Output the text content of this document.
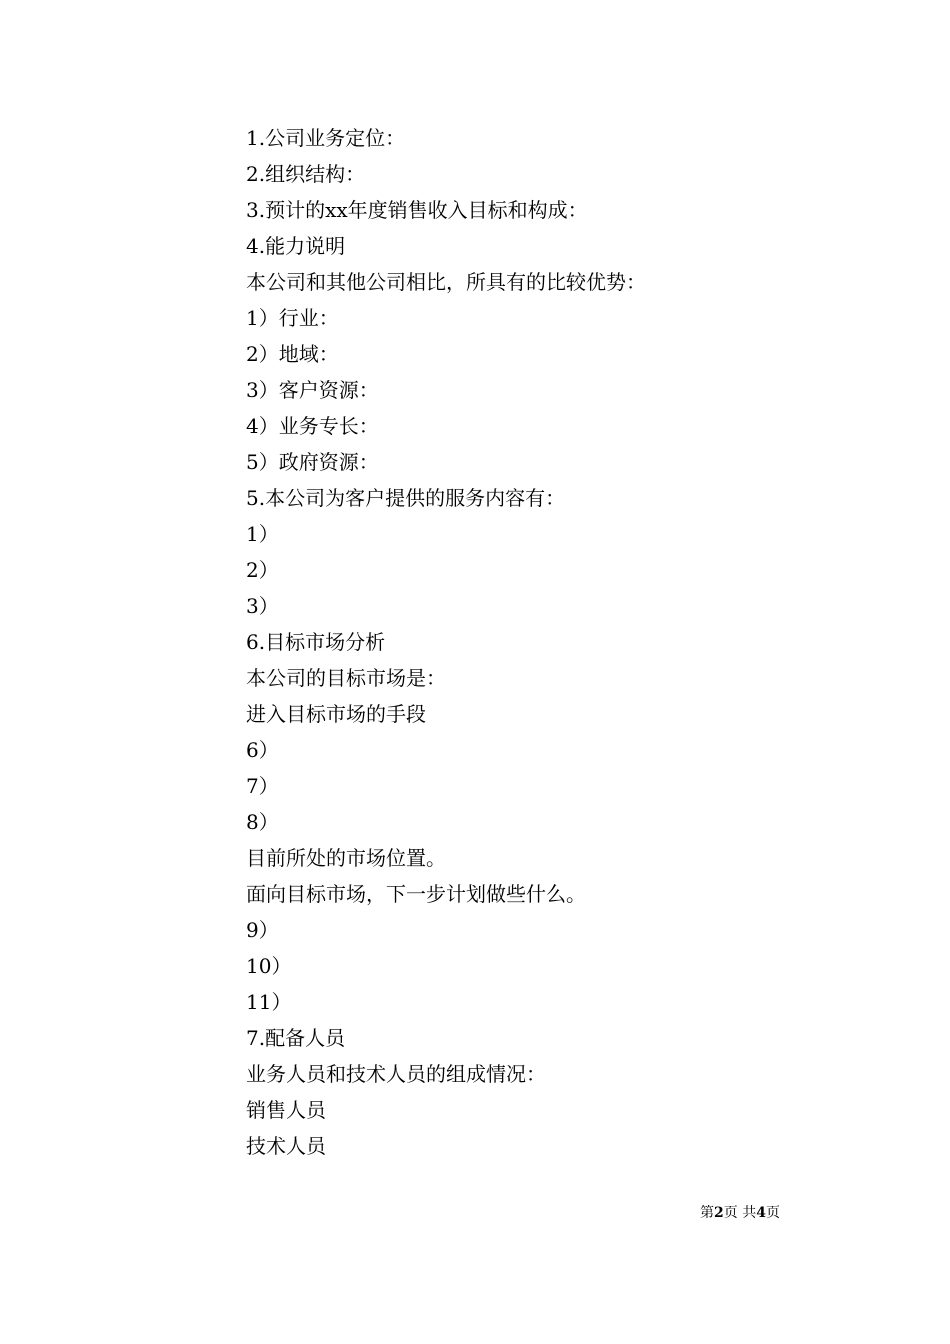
1.公司业务定位：
2.组织结构：
3.预计的xx年度销售收入目标和构成：
4.能力说明
本公司和其他公司相比，所具有的比较优势：
1）行业：
2）地域：
3）客户资源：
4）业务专长：
5）政府资源：
5.本公司为客户提供的服务内容有：
1）
2）
3）
6.目标市场分析
本公司的目标市场是：
进入目标市场的手段
6）
7）
8）
目前所处的市场位置。
面向目标市场，下一步计划做些什么。
9）
10）
11）
7.配备人员
业务人员和技术人员的组成情况：
销售人员
技术人员
第2页 共4页
